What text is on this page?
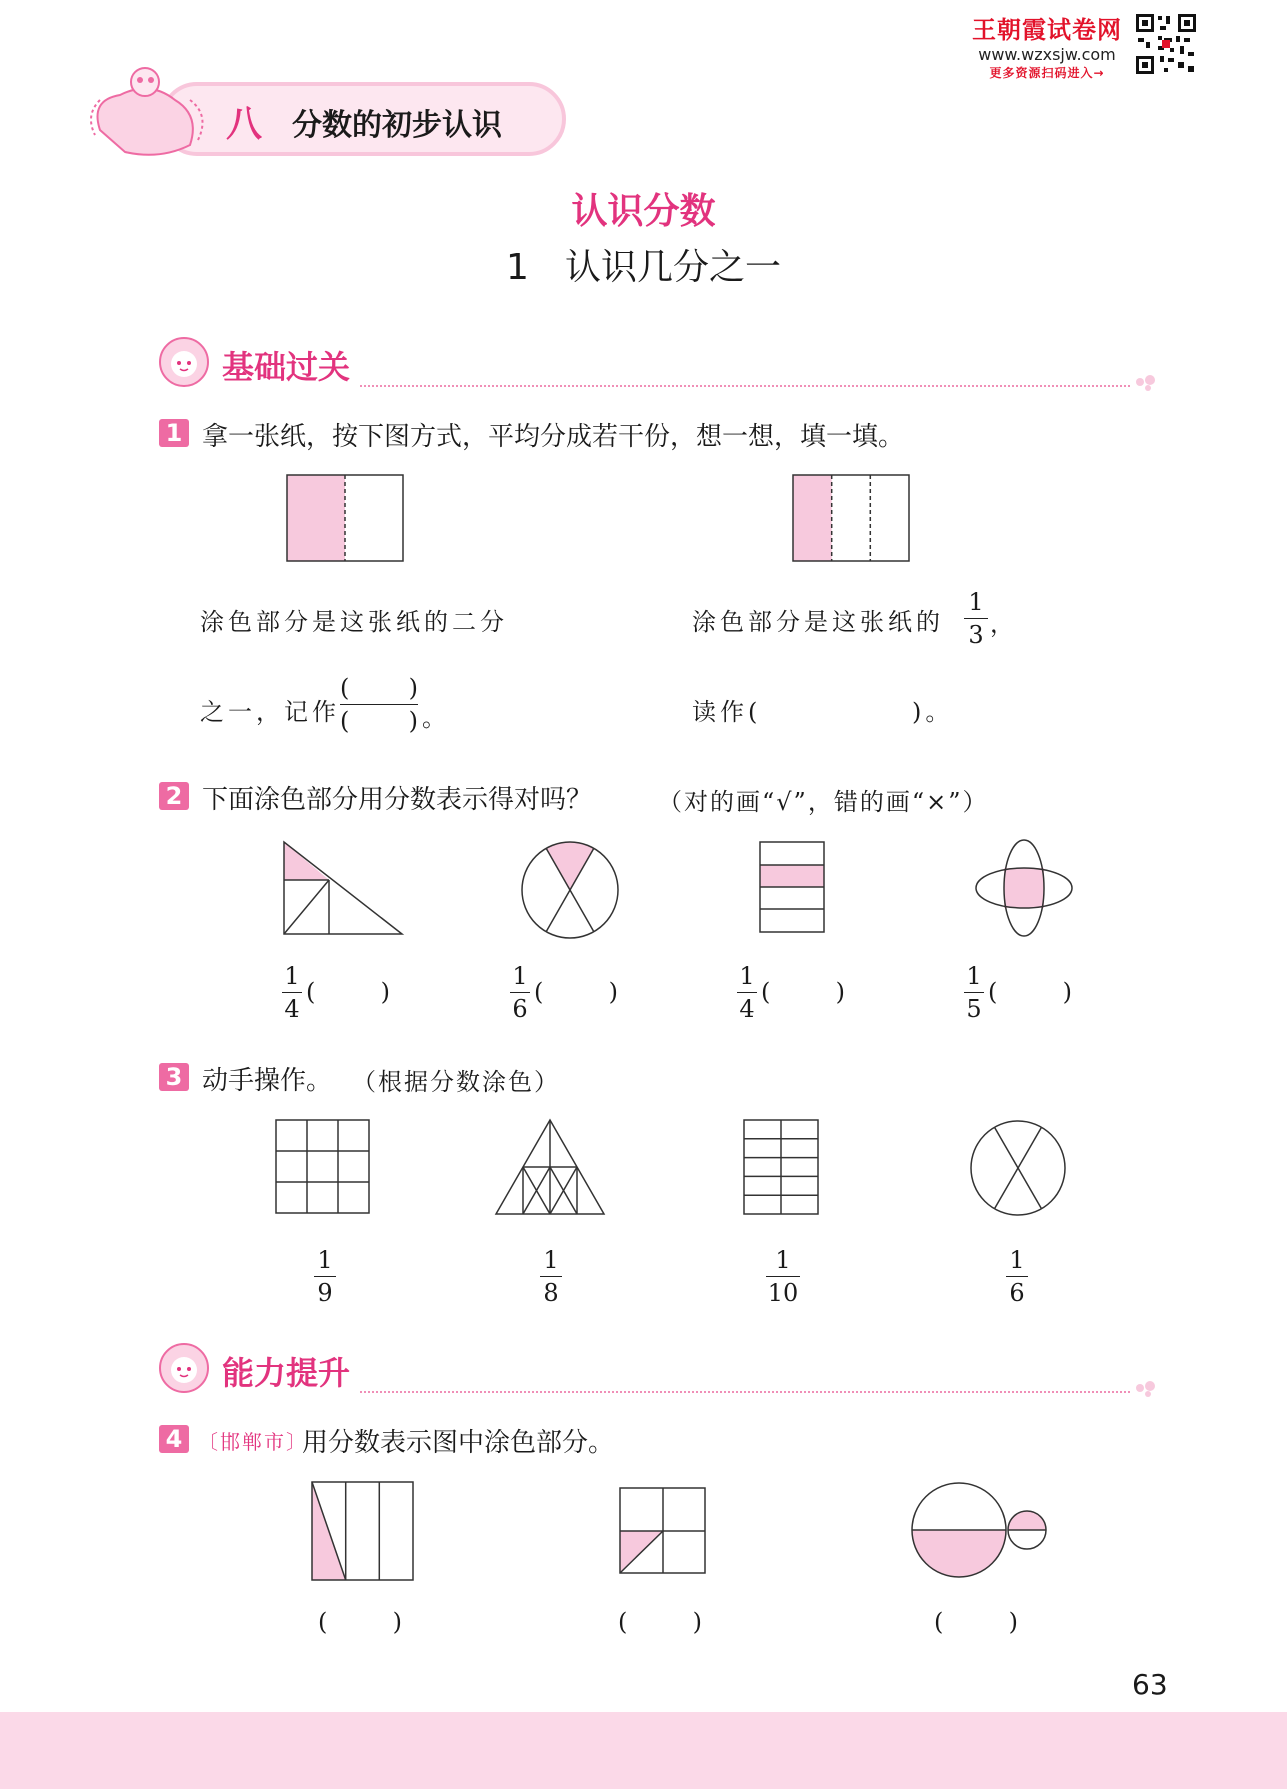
王朝霞试卷网
www.wzxsjw.com
更多资源扫码进入→
八 分数的初步认识
认识分数
1　认识几分之一
基础过关
1 拿一张纸，按下图方式，平均分成若干份，想一想，填一填。
涂色部分是这张纸的二分
之一，记作
( )
( ) 。
涂色部分是这张纸的
1
3 ，
读作(	)。
2 下面涂色部分用分数表示得对吗？	（对的画“√”，错的画“×”）
1
4
(	)
1
6
(	)
1
4
(	)
1
5
(	)
3 动手操作。 （根据分数涂色）
1
9
1
8
1
10
1
6
能力提升
4 〔邯郸市〕
用分数表示图中涂色部分。
(	)	(	)	(	)
63
